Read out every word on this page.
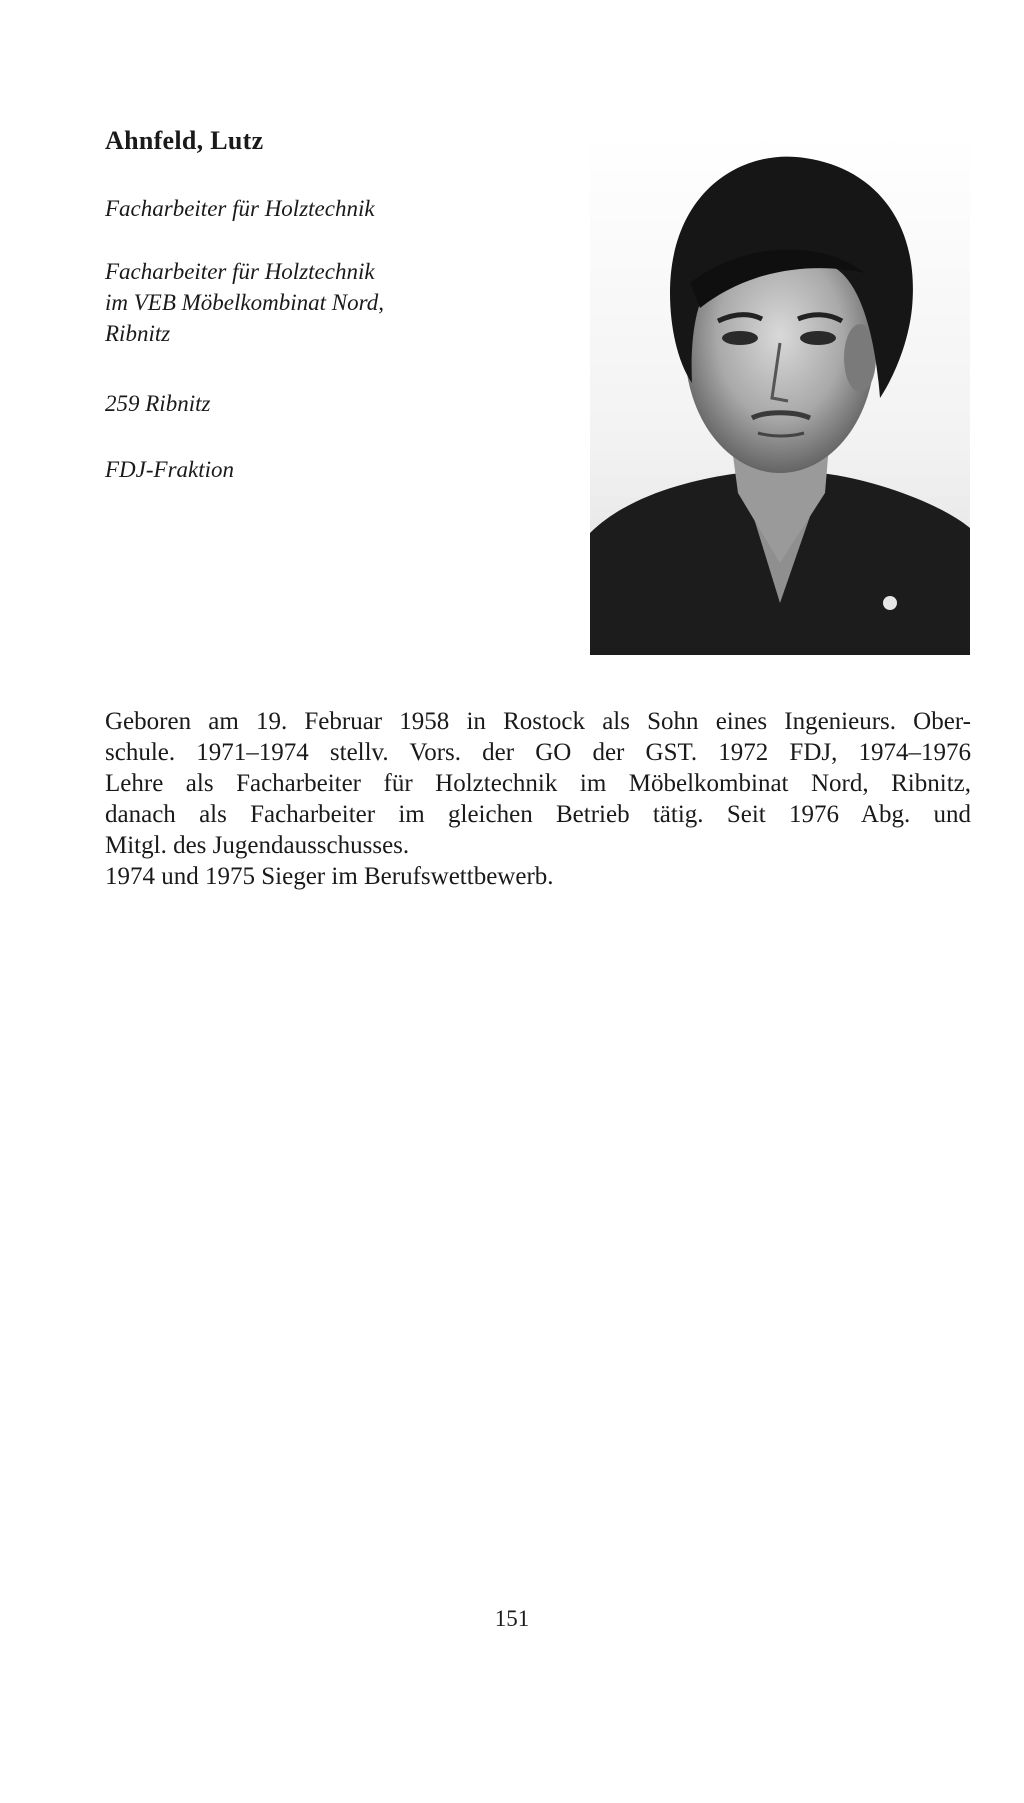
Ahnfeld, Lutz

Facharbeiter für Holztechnik

Facharbeiter für Holztechnik
im VEB Möbelkombinat Nord,
Ribnitz

259 Ribnitz

FDJ-Fraktion

Geboren am 19. Februar 1958 in Rostock als Sohn eines Ingenieurs. Ober-
schule. 1971–1974 stellv. Vors. der GO der GST. 1972 FDJ, 1974–1976
Lehre als Facharbeiter für Holztechnik im Möbelkombinat Nord, Ribnitz,
danach als Facharbeiter im gleichen Betrieb tätig. Seit 1976 Abg. und
Mitgl. des Jugendausschusses.
1974 und 1975 Sieger im Berufswettbewerb.

151
